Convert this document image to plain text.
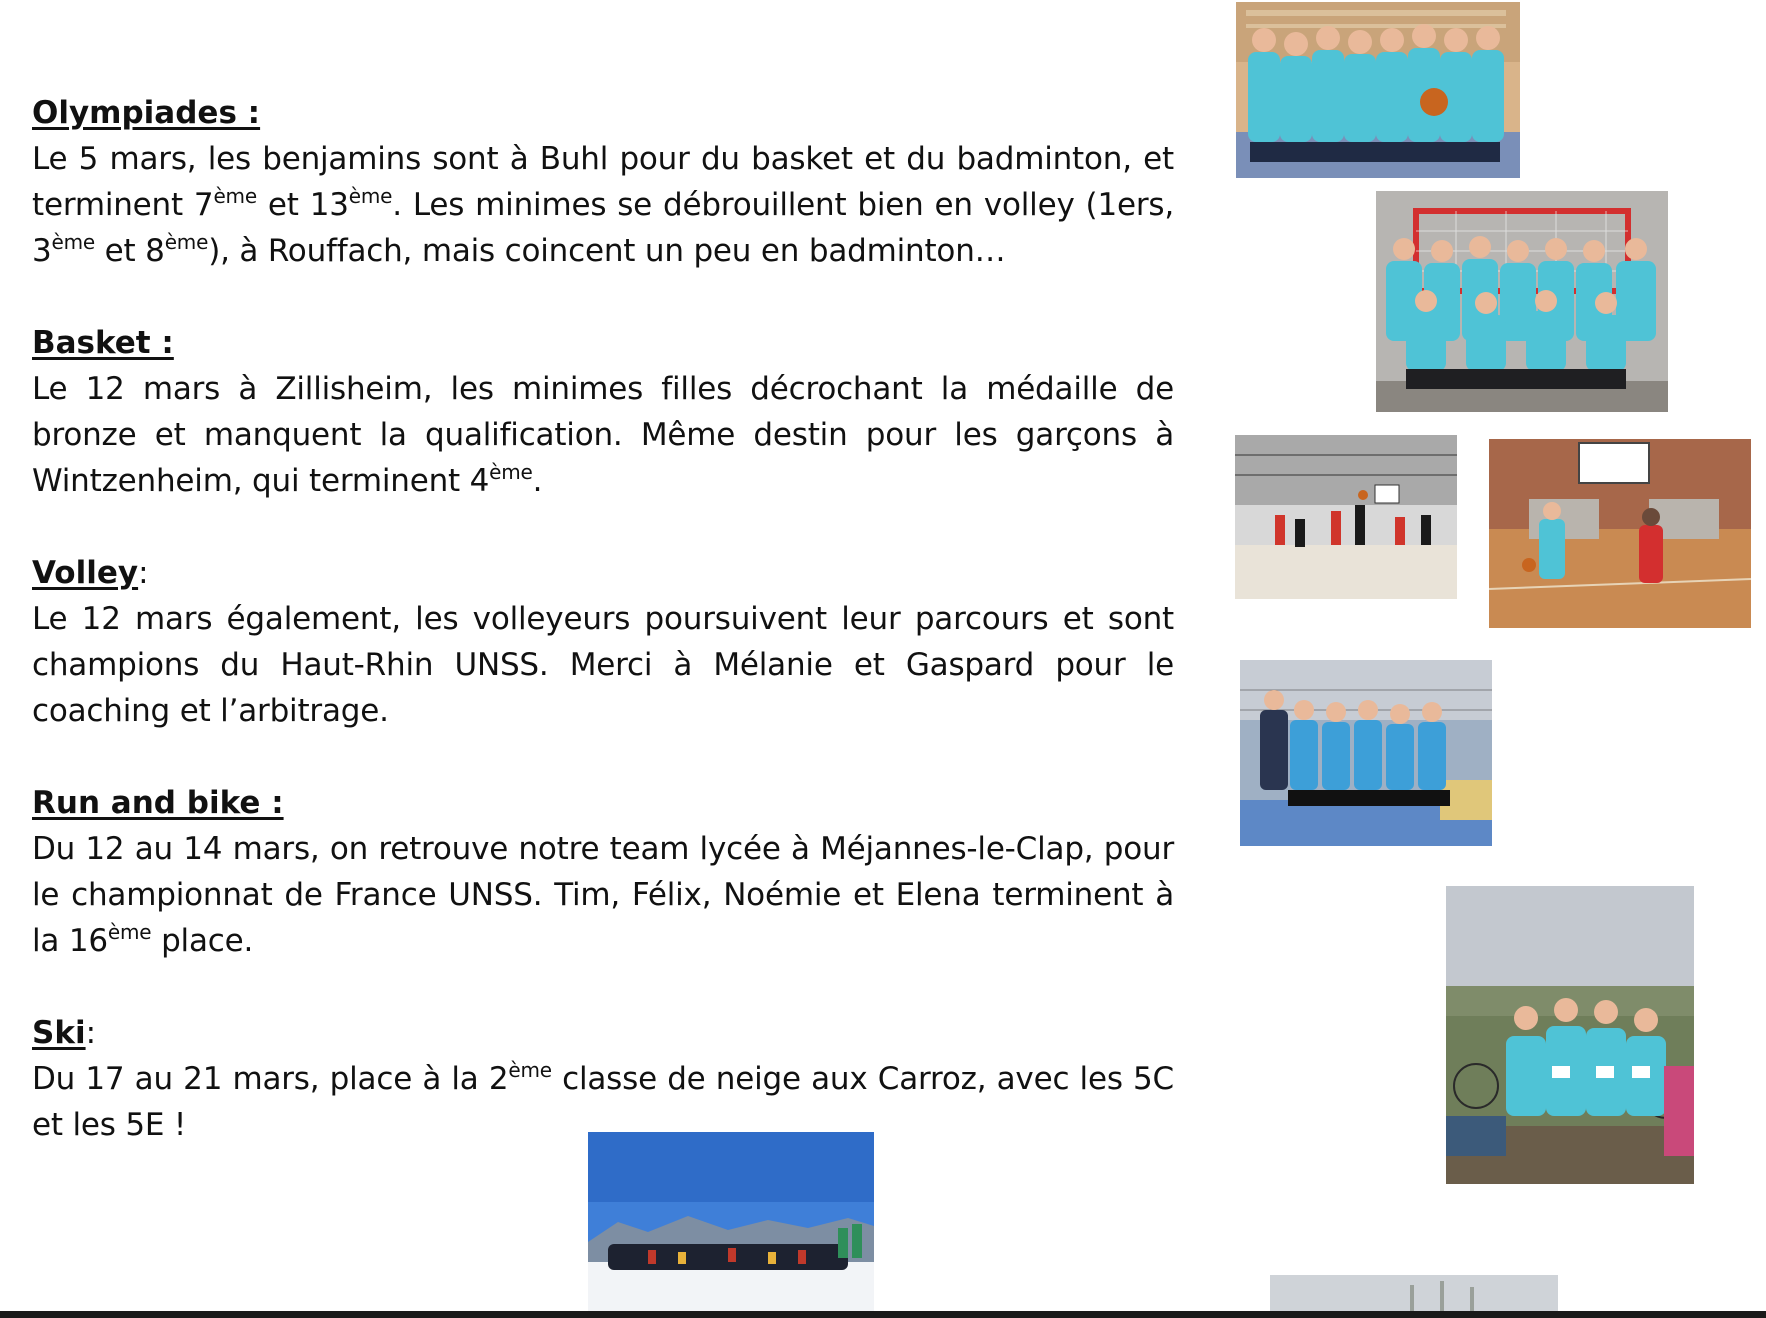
Olympiades :
Le 5 mars, les benjamins sont à Buhl pour du basket et du badminton, et terminent 7ème et 13ème. Les minimes se débrouillent bien en volley (1ers, 3ème et 8ème), à Rouffach, mais coincent un peu en badminton…
Basket :
Le 12 mars à Zillisheim, les minimes filles décrochant la médaille de bronze et manquent la qualification. Même destin pour les garçons à Wintzenheim, qui terminent 4ème.
Volley:
Le 12 mars également, les volleyeurs poursuivent leur parcours et sont champions du Haut-Rhin UNSS. Merci à Mélanie et Gaspard pour le coaching et l’arbitrage.
Run and bike :
Du 12 au 14 mars, on retrouve notre team lycée à Méjannes-le-Clap, pour le championnat de France UNSS. Tim, Félix, Noémie et Elena terminent à la 16ème place.
Ski:
Du 17 au 21 mars, place à la 2ème classe de neige aux Carroz, avec les 5C et les 5E !
